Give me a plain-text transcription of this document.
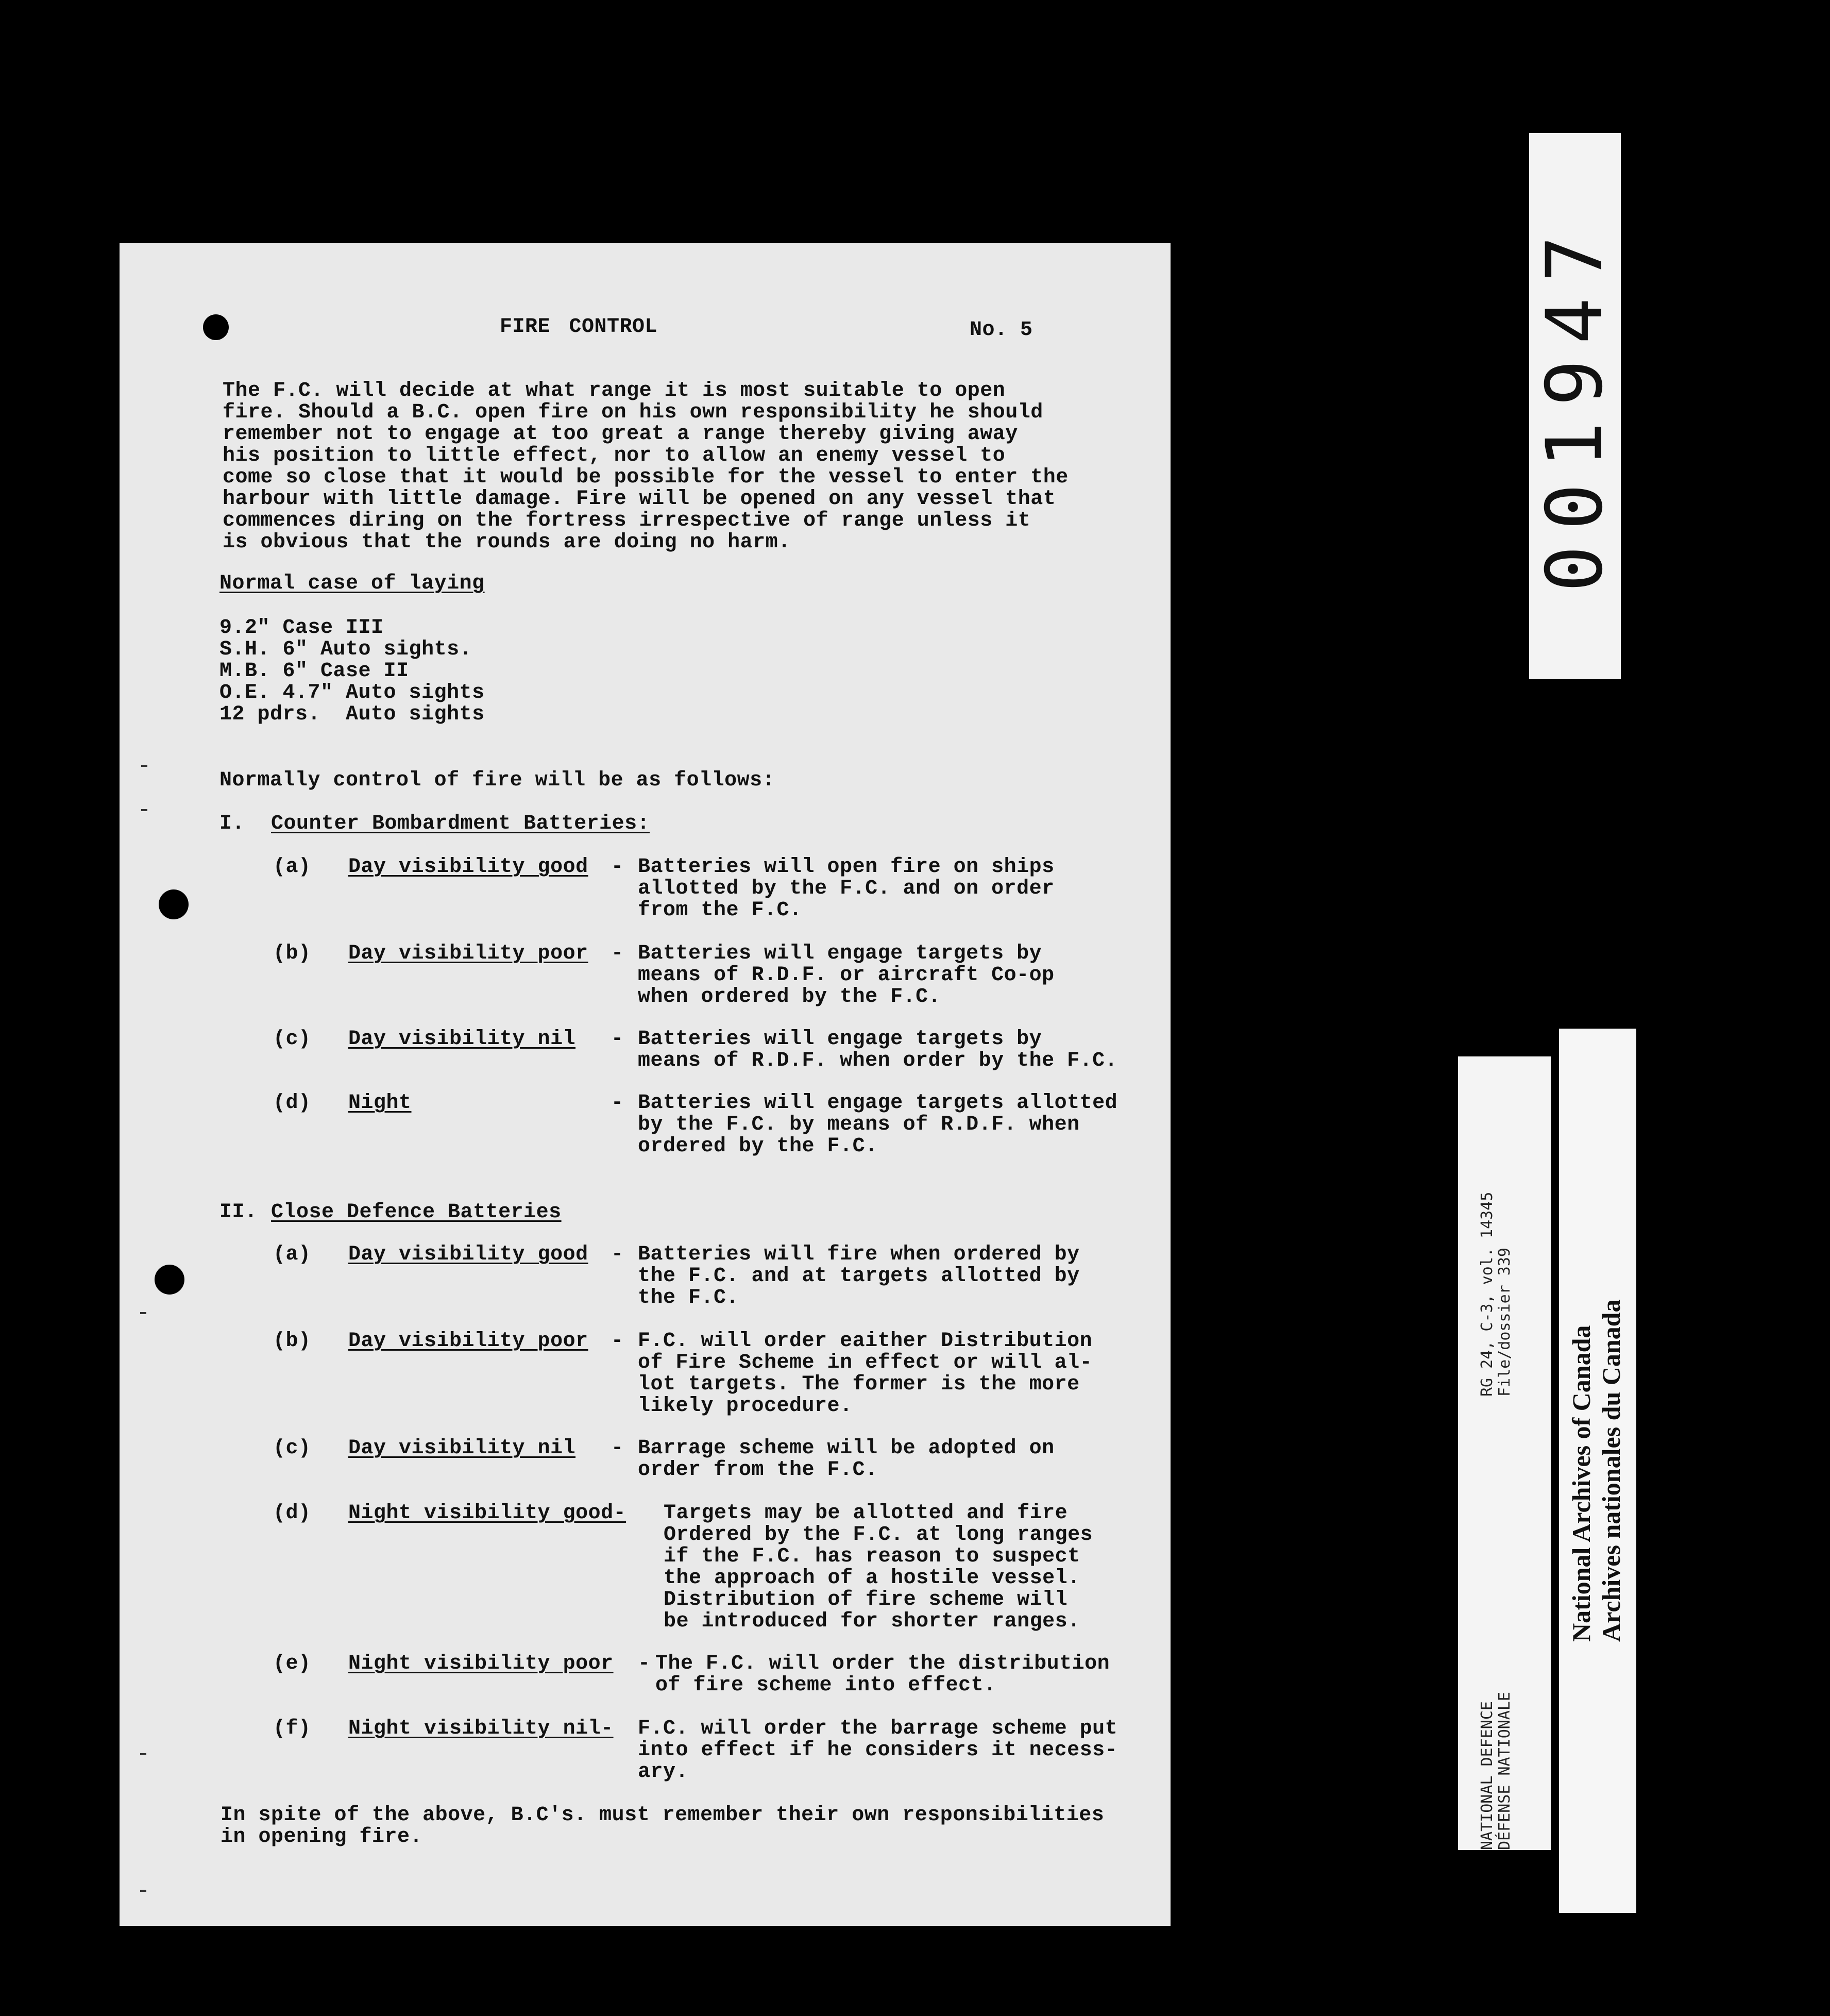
FIRE CONTROL	No. 5
The F.C. will decide at what range it is most suitable to open
fire. Should a B.C. open fire on his own responsibility he should
remember not to engage at too great a range thereby giving away
his position to little effect, nor to allow an enemy vessel to
come so close that it would be possible for the vessel to enter the
harbour with little damage. Fire will be opened on any vessel that
commences diring on the fortress irrespective of range unless it
is obvious that the rounds are doing no harm.
Normal case of laying
9.2" Case III
S.H. 6" Auto sights.
M.B. 6" Case II
O.E. 4.7" Auto sights
12 pdrs.  Auto sights
Normally control of fire will be as follows:
I. Counter Bombardment Batteries:
(a) Day visibility good - Batteries will open fire on ships
allotted by the F.C. and on order
from the F.C.
(b) Day visibility poor - Batteries will engage targets by
means of R.D.F. or aircraft Co-op
when ordered by the F.C.
(c) Day visibility nil - Batteries will engage targets by
means of R.D.F. when order by the F.C.
(d) Night	- Batteries will engage targets allotted
by the F.C. by means of R.D.F. when
ordered by the F.C.
II. Close Defence Batteries
(a) Day visibility good - Batteries will fire when ordered by
the F.C. and at targets allotted by
the F.C.
(b) Day visibility poor - F.C. will order eaither Distribution
of Fire Scheme in effect or will al-
lot targets. The former is the more
likely procedure.
(c) Day visibility nil - Barrage scheme will be adopted on
order from the F.C.
(d) Night visibility good- Targets may be allotted and fire
Ordered by the F.C. at long ranges
if the F.C. has reason to suspect
the approach of a hostile vessel.
Distribution of fire scheme will
be introduced for shorter ranges.
(e) Night visibility poor - The F.C. will order the distribution
of fire scheme into effect.
(f) Night visibility nil- F.C. will order the barrage scheme put
into effect if he considers it necess-
ary.
In spite of the above, B.C's. must remember their own responsibilities
in opening fire.
001947
RG 24, C-3, vol. 14345
File/dossier 339
NATIONAL DEFENCE
DÉFENSE NATIONALE
National Archives of Canada
Archives nationales du Canada
